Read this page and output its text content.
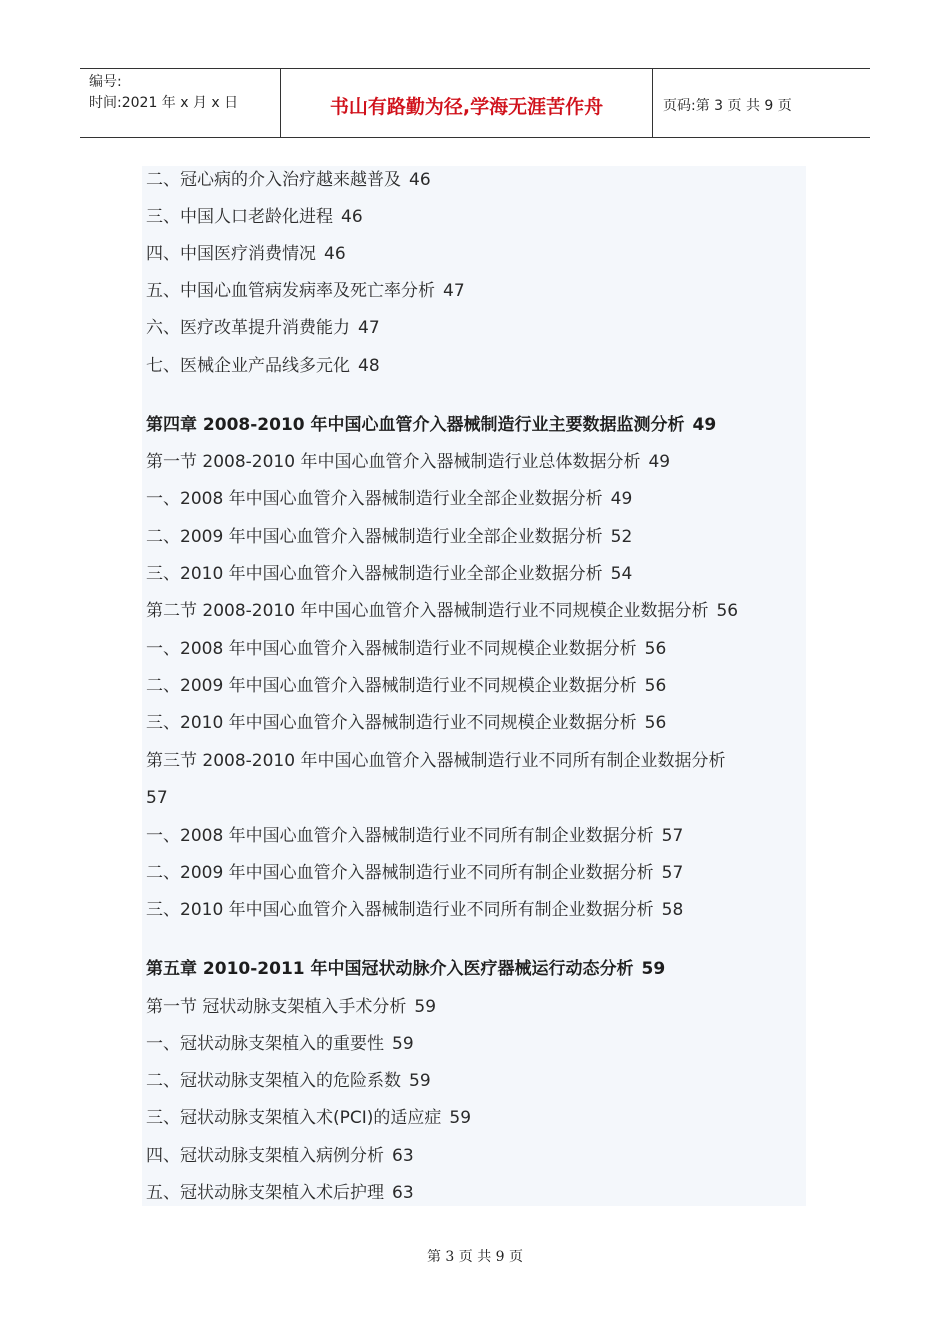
编号:
时间:2021 年 x 月 x 日	书山有路勤为径,学海无涯苦作舟	页码:第 3 页 共 9 页
二、冠心病的介入治疗越来越普及 46
三、中国人口老龄化进程 46
四、中国医疗消费情况 46
五、中国心血管病发病率及死亡率分析 47
六、医疗改革提升消费能力 47
七、医械企业产品线多元化 48
第四章 2008-2010 年中国心血管介入器械制造行业主要数据监测分析 49
第一节 2008-2010 年中国心血管介入器械制造行业总体数据分析 49
一、2008 年中国心血管介入器械制造行业全部企业数据分析 49
二、2009 年中国心血管介入器械制造行业全部企业数据分析 52
三、2010 年中国心血管介入器械制造行业全部企业数据分析 54
第二节 2008-2010 年中国心血管介入器械制造行业不同规模企业数据分析 56
一、2008 年中国心血管介入器械制造行业不同规模企业数据分析 56
二、2009 年中国心血管介入器械制造行业不同规模企业数据分析 56
三、2010 年中国心血管介入器械制造行业不同规模企业数据分析 56
第三节 2008-2010 年中国心血管介入器械制造行业不同所有制企业数据分析
57
一、2008 年中国心血管介入器械制造行业不同所有制企业数据分析 57
二、2009 年中国心血管介入器械制造行业不同所有制企业数据分析 57
三、2010 年中国心血管介入器械制造行业不同所有制企业数据分析 58
第五章 2010-2011 年中国冠状动脉介入医疗器械运行动态分析 59
第一节 冠状动脉支架植入手术分析 59
一、冠状动脉支架植入的重要性 59
二、冠状动脉支架植入的危险系数 59
三、冠状动脉支架植入术(PCI)的适应症 59
四、冠状动脉支架植入病例分析 63
五、冠状动脉支架植入术后护理 63
第 3 页 共 9 页
